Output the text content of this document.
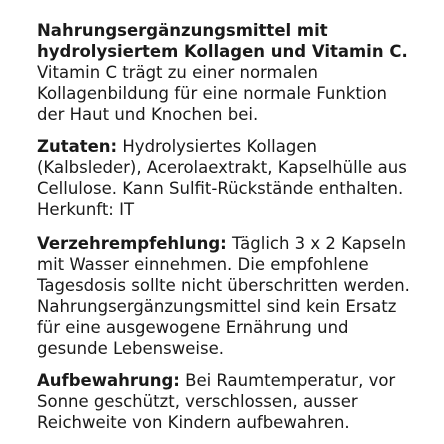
Nahrungsergänzungsmittel mit
hydrolysiertem Kollagen und Vitamin C.
Vitamin C trägt zu einer normalen
Kollagenbildung für eine normale Funktion
der Haut und Knochen bei.
Zutaten: Hydrolysiertes Kollagen
(Kalbsleder), Acerolaextrakt, Kapselhülle aus
Cellulose. Kann Sulfit-Rückstände enthalten.
Herkunft: IT
Verzehrempfehlung: Täglich 3 x 2 Kapseln
mit Wasser einnehmen. Die empfohlene
Tagesdosis sollte nicht überschritten werden.
Nahrungsergänzungsmittel sind kein Ersatz
für eine ausgewogene Ernährung und
gesunde Lebensweise.
Aufbewahrung: Bei Raumtemperatur, vor
Sonne geschützt, verschlossen, ausser
Reichweite von Kindern aufbewahren.
